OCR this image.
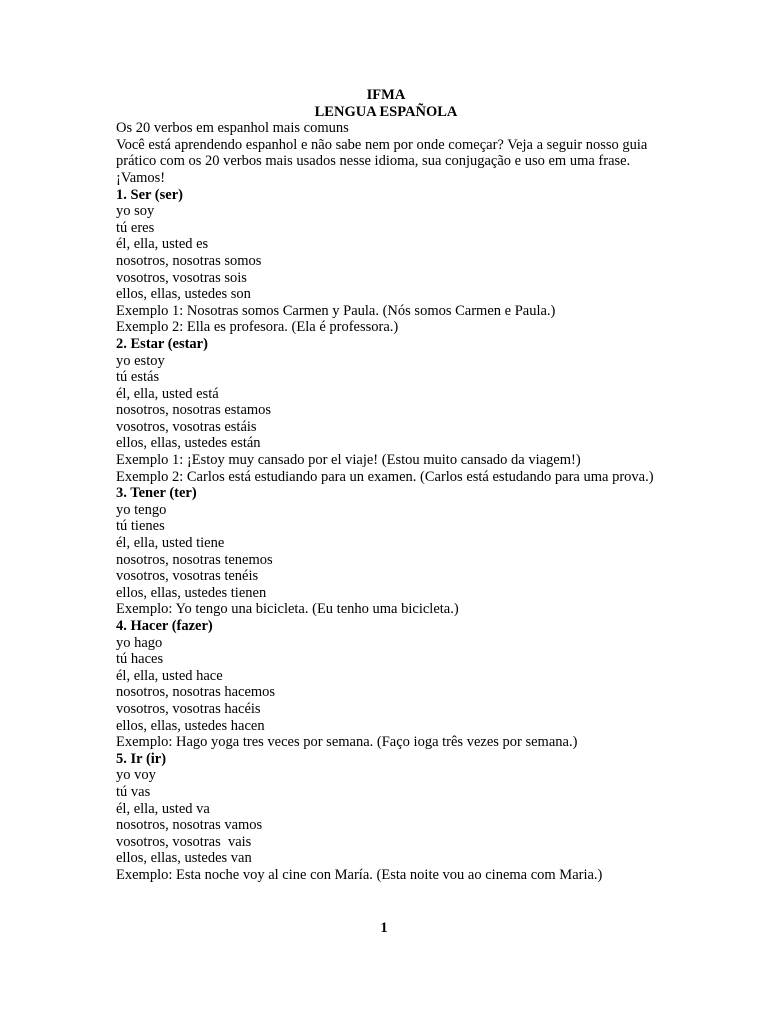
IFMA

LENGUA ESPAÑOLA

Os 20 verbos em espanhol mais comuns

Você está aprendendo espanhol e não sabe nem por onde começar? Veja a seguir nosso guia prático com os 20 verbos mais usados nesse idioma, sua conjugação e uso em uma frase. ¡Vamos!

1. Ser (ser)

yo soy

tú eres

él, ella, usted es

nosotros, nosotras somos

vosotros, vosotras sois

ellos, ellas, ustedes son

Exemplo 1: Nosotras somos Carmen y Paula. (Nós somos Carmen e Paula.)

Exemplo 2: Ella es profesora. (Ela é professora.)

2. Estar (estar)

yo estoy

tú estás

él, ella, usted está

nosotros, nosotras estamos

vosotros, vosotras estáis

ellos, ellas, ustedes están

Exemplo 1: ¡Estoy muy cansado por el viaje! (Estou muito cansado da viagem!)

Exemplo 2: Carlos está estudiando para un examen. (Carlos está estudando para uma prova.)

3. Tener (ter)

yo tengo

tú tienes

él, ella, usted tiene

nosotros, nosotras tenemos

vosotros, vosotras tenéis

ellos, ellas, ustedes tienen

Exemplo: Yo tengo una bicicleta. (Eu tenho uma bicicleta.)

4. Hacer (fazer)

yo hago

tú haces

él, ella, usted hace

nosotros, nosotras hacemos

vosotros, vosotras hacéis

ellos, ellas, ustedes hacen

Exemplo: Hago yoga tres veces por semana. (Faço ioga três vezes por semana.)

5. Ir (ir)

yo voy

tú vas

él, ella, usted va

nosotros, nosotras vamos

vosotros, vosotras  vais

ellos, ellas, ustedes van

Exemplo: Esta noche voy al cine con María. (Esta noite vou ao cinema com Maria.)

1
